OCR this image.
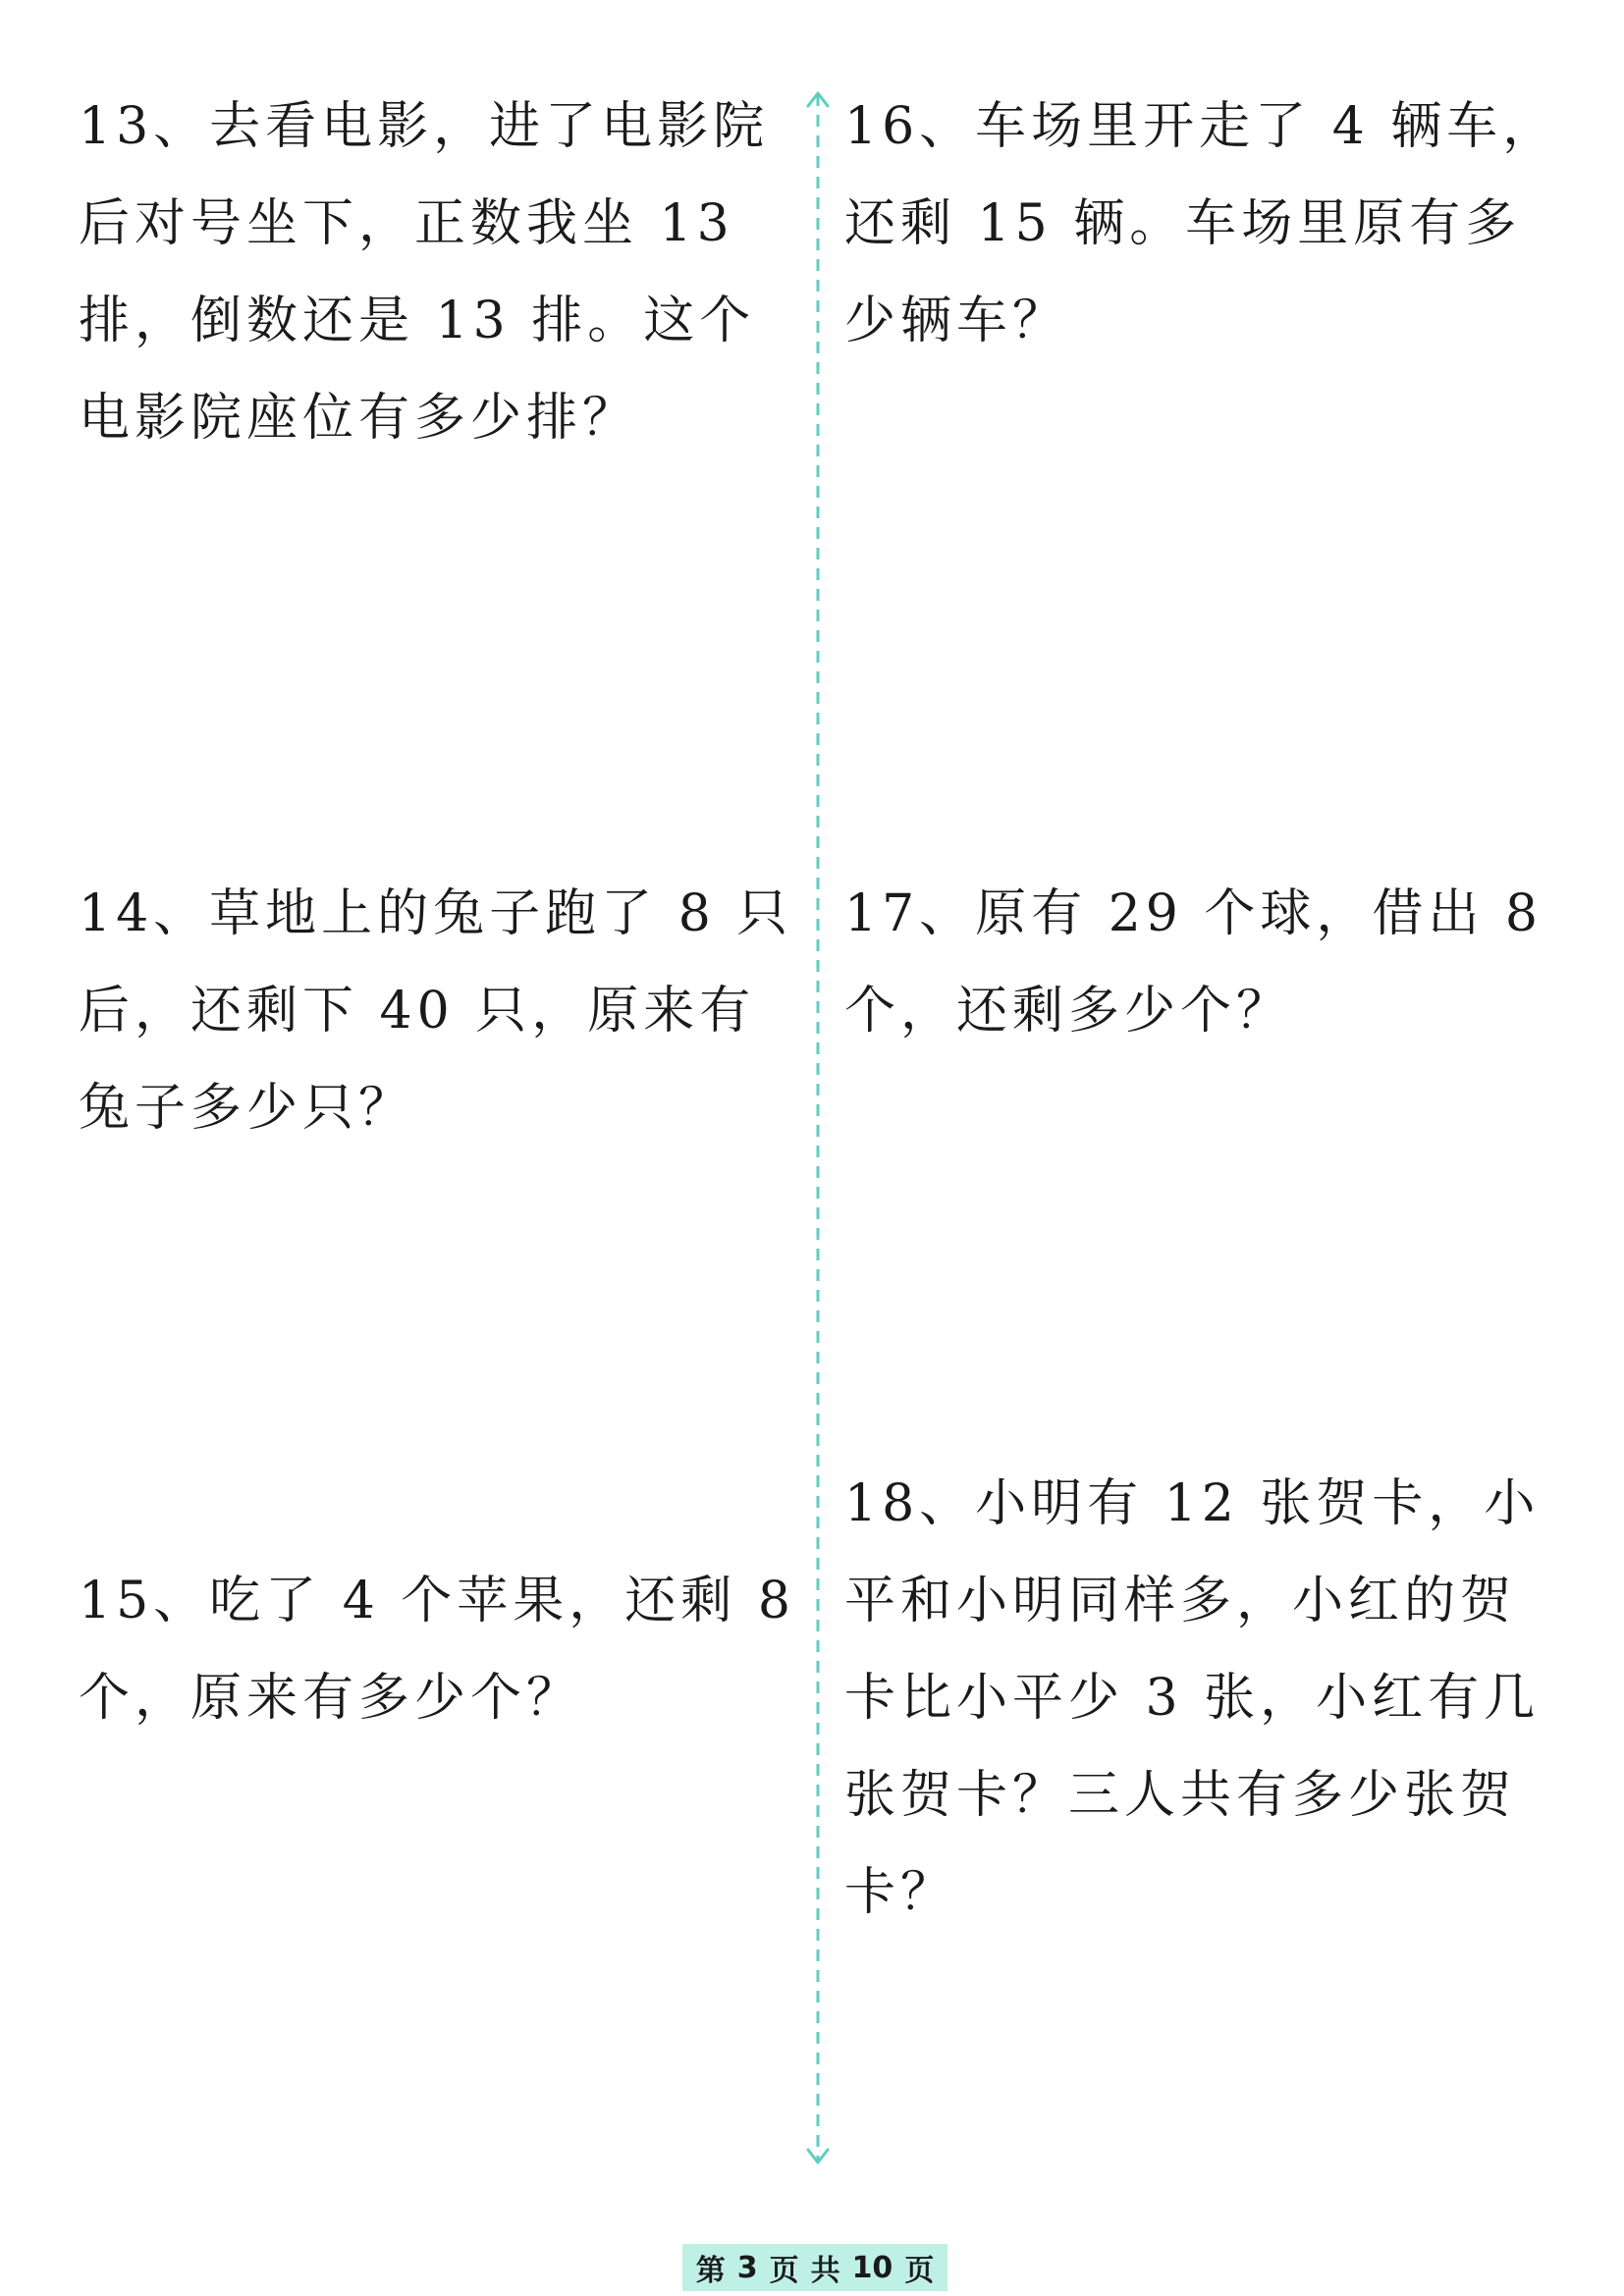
13、去看电影，进了电影院后对号坐下，正数我坐 13 排，倒数还是 13 排。这个电影院座位有多少排？

14、草地上的兔子跑了 8 只后，还剩下 40 只，原来有兔子多少只？

15、吃了 4 个苹果，还剩 8 个，原来有多少个？

16、车场里开走了 4 辆车，还剩 15 辆。车场里原有多少辆车？

17、原有 29 个球，借出 8 个，还剩多少个？

18、小明有 12 张贺卡，小平和小明同样多，小红的贺卡比小平少 3 张，小红有几张贺卡？三人共有多少张贺卡？

第 3 页 共 10 页
